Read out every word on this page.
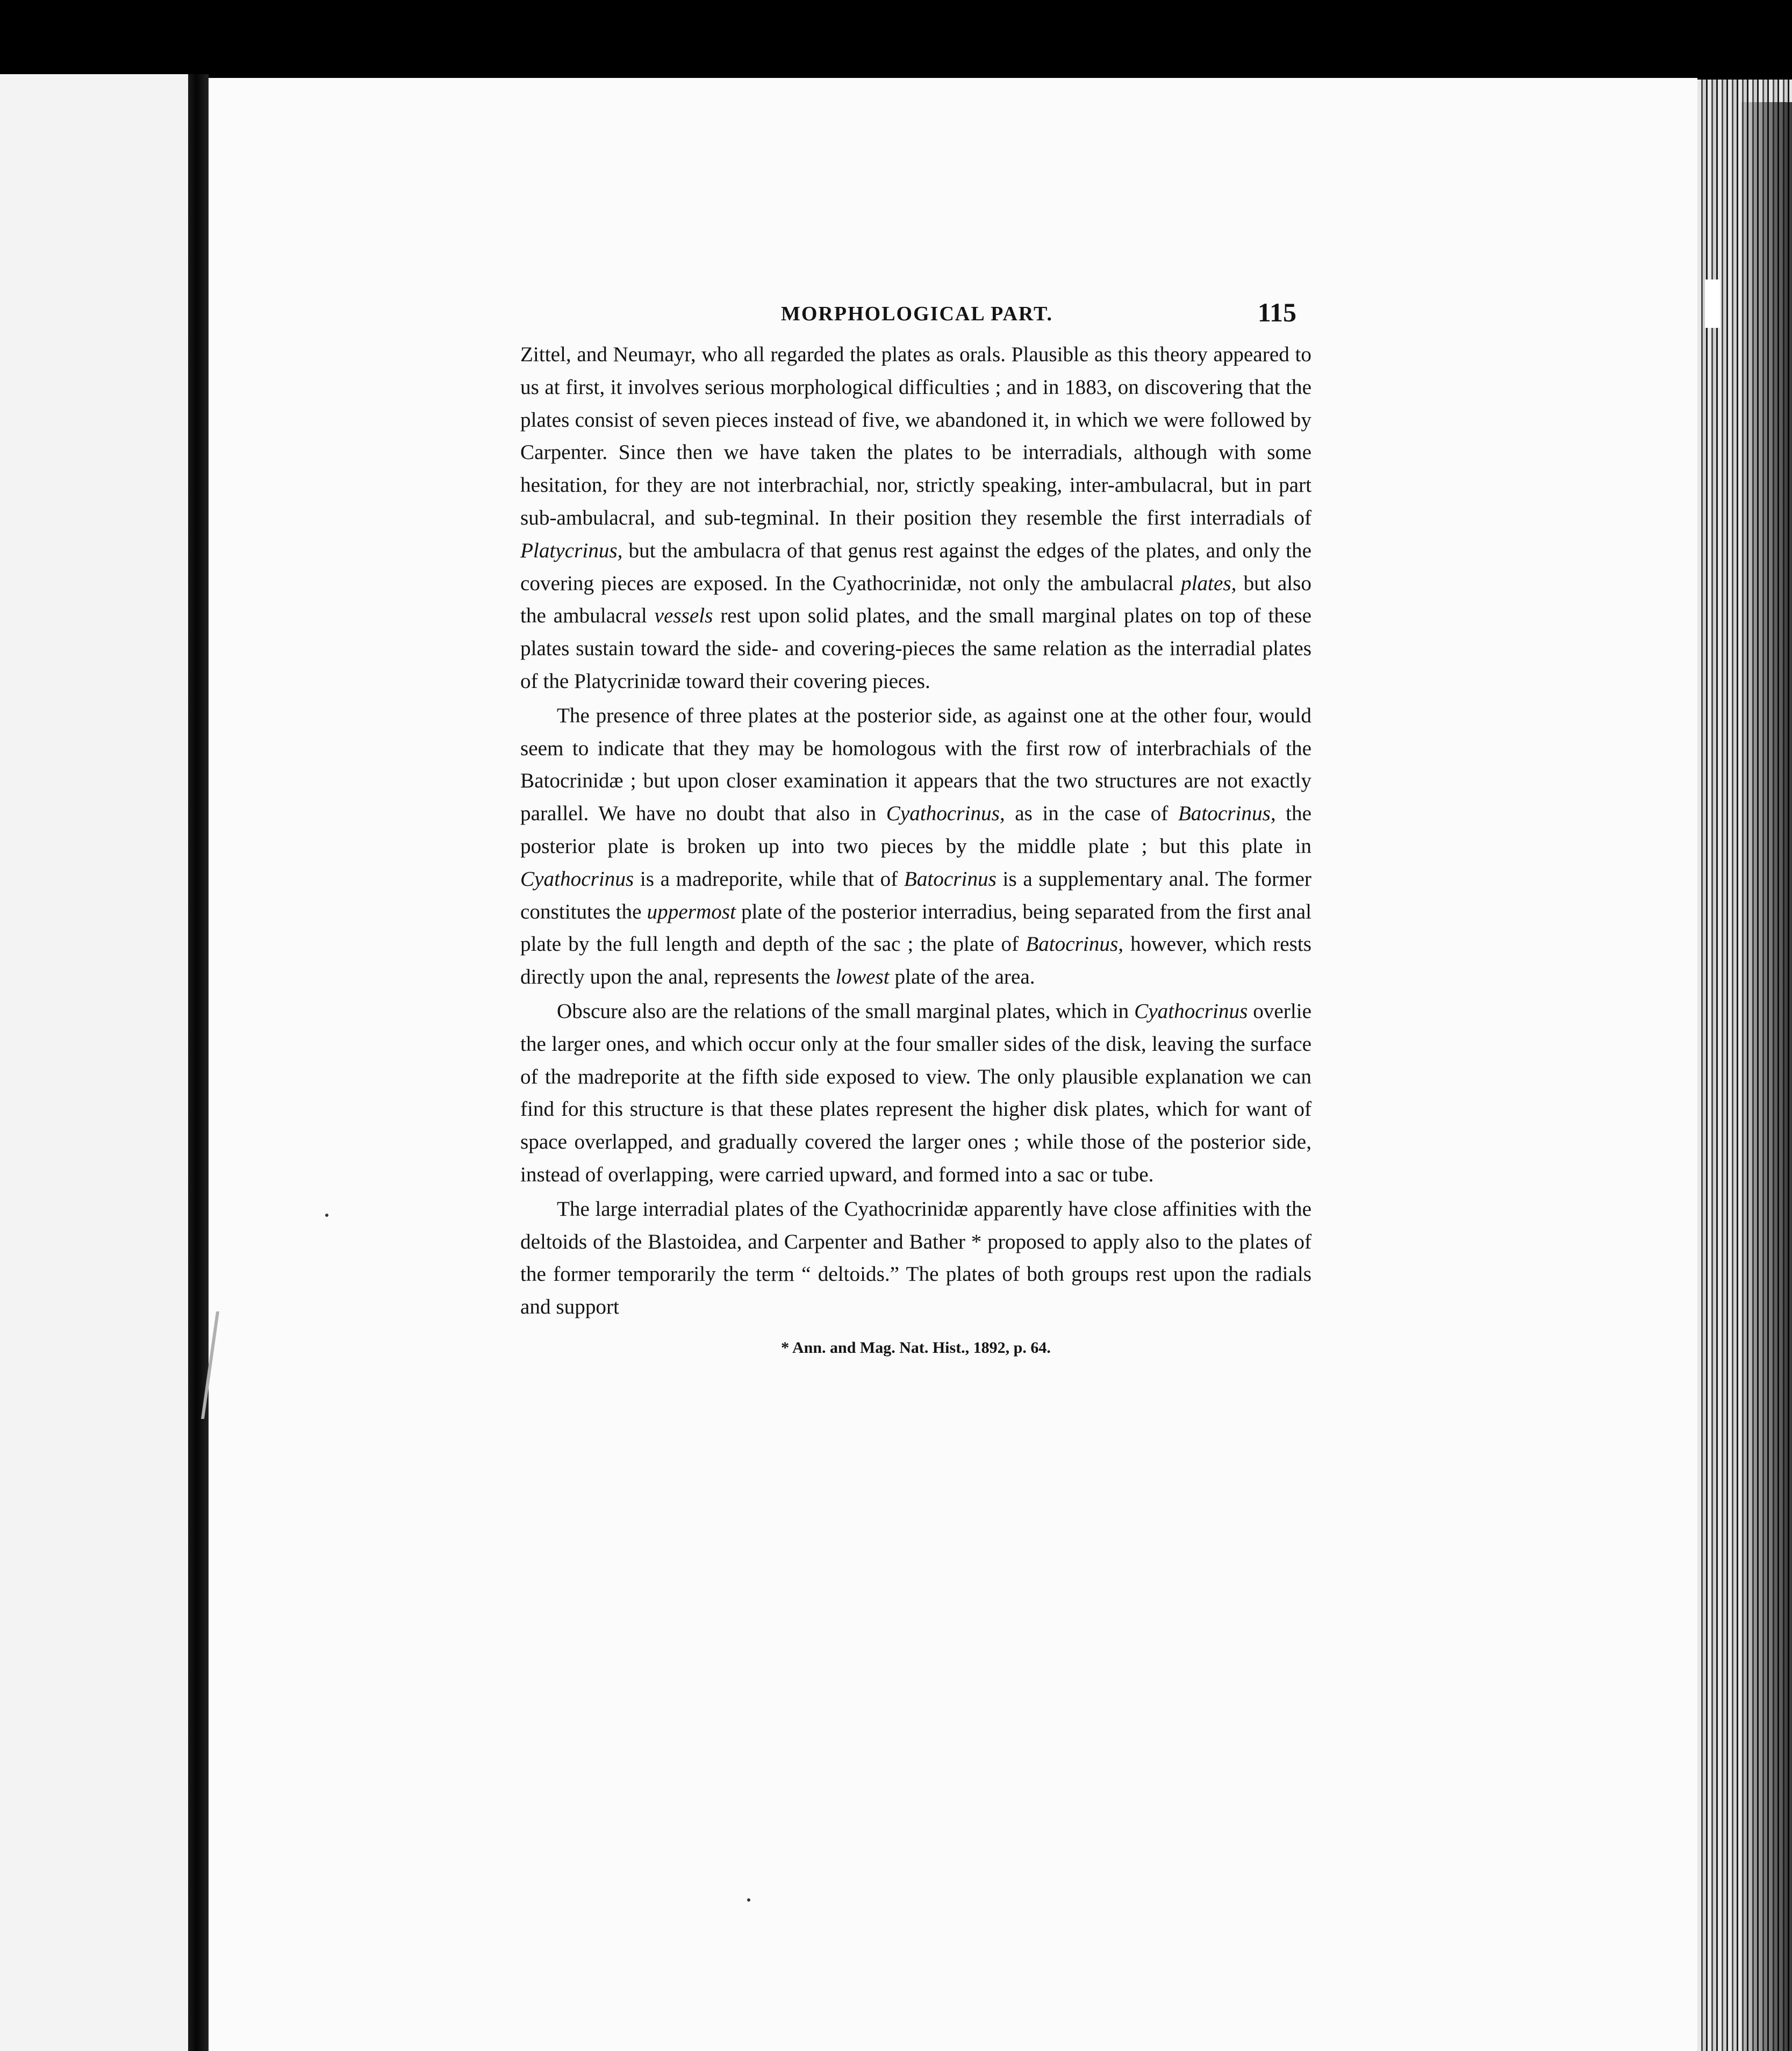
MORPHOLOGICAL PART.	115

Zittel, and Neumayr, who all regarded the plates as orals. Plausible as this theory appeared to us at first, it involves serious morphological difficulties ; and in 1883, on discovering that the plates consist of seven pieces instead of five, we abandoned it, in which we were followed by Carpenter. Since then we have taken the plates to be interradials, although with some hesitation, for they are not interbrachial, nor, strictly speaking, inter-ambulacral, but in part sub-ambulacral, and sub-tegminal. In their position they resemble the first interradials of Platycrinus, but the ambulacra of that genus rest against the edges of the plates, and only the covering pieces are exposed. In the Cyathocrinidæ, not only the ambulacral plates, but also the ambulacral vessels rest upon solid plates, and the small marginal plates on top of these plates sustain toward the side- and covering-pieces the same relation as the interradial plates of the Platycrinidæ toward their covering pieces.

The presence of three plates at the posterior side, as against one at the other four, would seem to indicate that they may be homologous with the first row of interbrachials of the Batocrinidæ ; but upon closer examination it appears that the two structures are not exactly parallel. We have no doubt that also in Cyathocrinus, as in the case of Batocrinus, the posterior plate is broken up into two pieces by the middle plate ; but this plate in Cyathocrinus is a madreporite, while that of Batocrinus is a supplementary anal. The former constitutes the uppermost plate of the posterior interradius, being separated from the first anal plate by the full length and depth of the sac ; the plate of Batocrinus, however, which rests directly upon the anal, represents the lowest plate of the area.

Obscure also are the relations of the small marginal plates, which in Cyathocrinus overlie the larger ones, and which occur only at the four smaller sides of the disk, leaving the surface of the madreporite at the fifth side exposed to view. The only plausible explanation we can find for this structure is that these plates represent the higher disk plates, which for want of space overlapped, and gradually covered the larger ones ; while those of the posterior side, instead of overlapping, were carried upward, and formed into a sac or tube.

The large interradial plates of the Cyathocrinidæ apparently have close affinities with the deltoids of the Blastoidea, and Carpenter and Bather * proposed to apply also to the plates of the former temporarily the term “ deltoids.” The plates of both groups rest upon the radials and support

* Ann. and Mag. Nat. Hist., 1892, p. 64.
